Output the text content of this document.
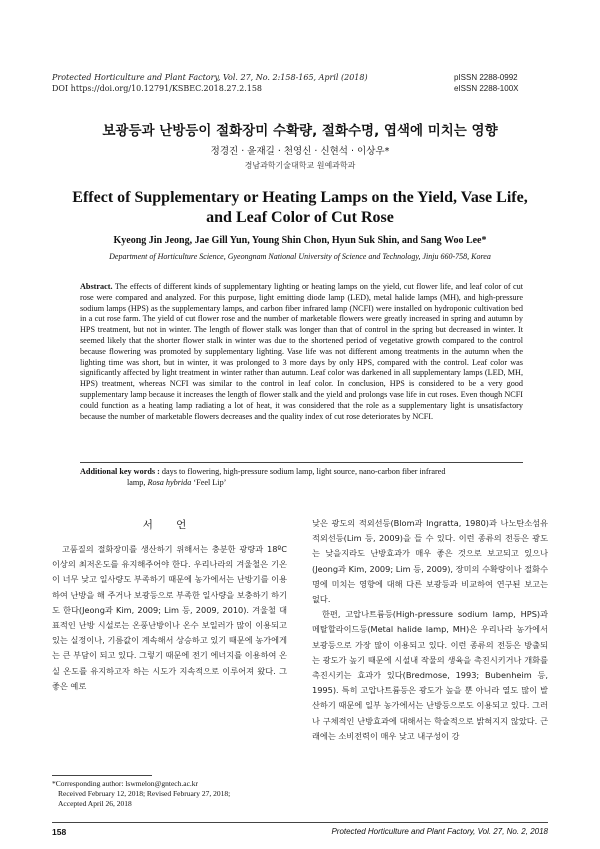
Protected Horticulture and Plant Factory, Vol. 27, No. 2:158-165, April (2018)
DOI https://doi.org/10.12791/KSBEC.2018.27.2.158
pISSN 2288-0992
eISSN 2288-100X
보광등과 난방등이 절화장미 수확량, 절화수명, 엽색에 미치는 영향
정경진 · 윤재길 · 천영신 · 신현석 · 이상우*
경남과학기술대학교 원예과학과
Effect of Supplementary or Heating Lamps on the Yield, Vase Life,
and Leaf Color of Cut Rose
Kyeong Jin Jeong, Jae Gill Yun, Young Shin Chon, Hyun Suk Shin, and Sang Woo Lee*
Department of Horticulture Science, Gyeongnam National University of Science and Technology, Jinju 660-758, Korea
Abstract. The effects of different kinds of supplementary lighting or heating lamps on the yield, cut flower life, and leaf color of cut rose were compared and analyzed. For this purpose, light emitting diode lamp (LED), metal halide lamps (MH), and high-pressure sodium lamps (HPS) as the supplementary lamps, and carbon fiber infrared lamp (NCFI) were installed on hydroponic cultivation bed in a cut rose farm. The yield of cut flower rose and the number of marketable flowers were greatly increased in spring and autumn by HPS treatment, but not in winter. The length of flower stalk was longer than that of control in the spring but decreased in winter. It seemed likely that the shorter flower stalk in winter was due to the shortened period of vegetative growth compared to the control because flowering was promoted by supplementary lighting. Vase life was not different among treatments in the autumn when the lighting time was short, but in winter, it was prolonged to 3 more days by only HPS, compared with the control. Leaf color was significantly affected by light treatment in winter rather than autumn. Leaf color was darkened in all supplementary lamps (LED, MH, HPS) treatment, whereas NCFI was similar to the control in leaf color. In conclusion, HPS is considered to be a very good supplementary lamp because it increases the length of flower stalk and the yield and prolongs vase life in cut roses. Even though NCFI could function as a heating lamp radiating a lot of heat, it was considered that the role as a supplementary light is unsatisfactory because the number of marketable flowers decreases and the quality index of cut rose deteriorates by NCFI.
Additional key words : days to flowering, high-pressure sodium lamp, light source, nano-carbon fiber infrared
lamp, Rosa hybrida ‘Feel Lip’
서 언
고품질의 절화장미를 생산하기 위해서는 충분한 광량과 18ºC 이상의 최저온도를 유지해주어야 한다. 우리나라의 겨울철은 기온이 너무 낮고 일사량도 부족하기 때문에 농가에서는 난방기를 이용하여 난방을 해 주거나 보광등으로 부족한 일사량을 보충하기 하기도 한다(Jeong과 Kim, 2009; Lim 등, 2009, 2010). 겨울철 대표적인 난방 시설로는 온풍난방이나 온수 보일러가 많이 이용되고 있는 실정이나, 기름값이 계속해서 상승하고 있기 때문에 농가에게는 큰 부담이 되고 있다. 그렇기 때문에 전기 에너지를 이용하여 온실 온도를 유지하고자 하는 시도가 지속적으로 이루어져 왔다. 그 좋은 예로

낮은 광도의 적외선등(Blom과 Ingratta, 1980)과 나노탄소섬유적외선등(Lim 등, 2009)을 들 수 있다. 이런 종류의 전등은 광도는 낮을지라도 난방효과가 매우 좋은 것으로 보고되고 있으나(Jeong과 Kim, 2009; Lim 등, 2009), 장미의 수확량이나 절화수명에 미치는 영향에 대해 다른 보광등과 비교하여 연구된 보고는 없다.

한편, 고압나트륨등(High-pressure sodium lamp, HPS)과 메탈할라이드등(Metal halide lamp, MH)은 우리나라 농가에서 보광등으로 가장 많이 이용되고 있다. 이런 종류의 전등은 방출되는 광도가 높기 때문에 시설내 작물의 생육을 촉진시키거나 개화를 촉진시키는 효과가 있다(Bredmose, 1993; Bubenheim 등, 1995). 특히 고압나트륨등은 광도가 높을 뿐 아니라 열도 많이 발산하기 때문에 일부 농가에서는 난방등으로도 이용되고 있다. 그러나 구체적인 난방효과에 대해서는 학술적으로 밝혀지지 않았다. 근래에는 소비전력이 매우 낮고 내구성이 강

*Corresponding author: lswmelon@gntech.ac.kr
Received February 12, 2018; Revised February 27, 2018;
Accepted April 26, 2018
158	Protected Horticulture and Plant Factory, Vol. 27, No. 2, 2018
